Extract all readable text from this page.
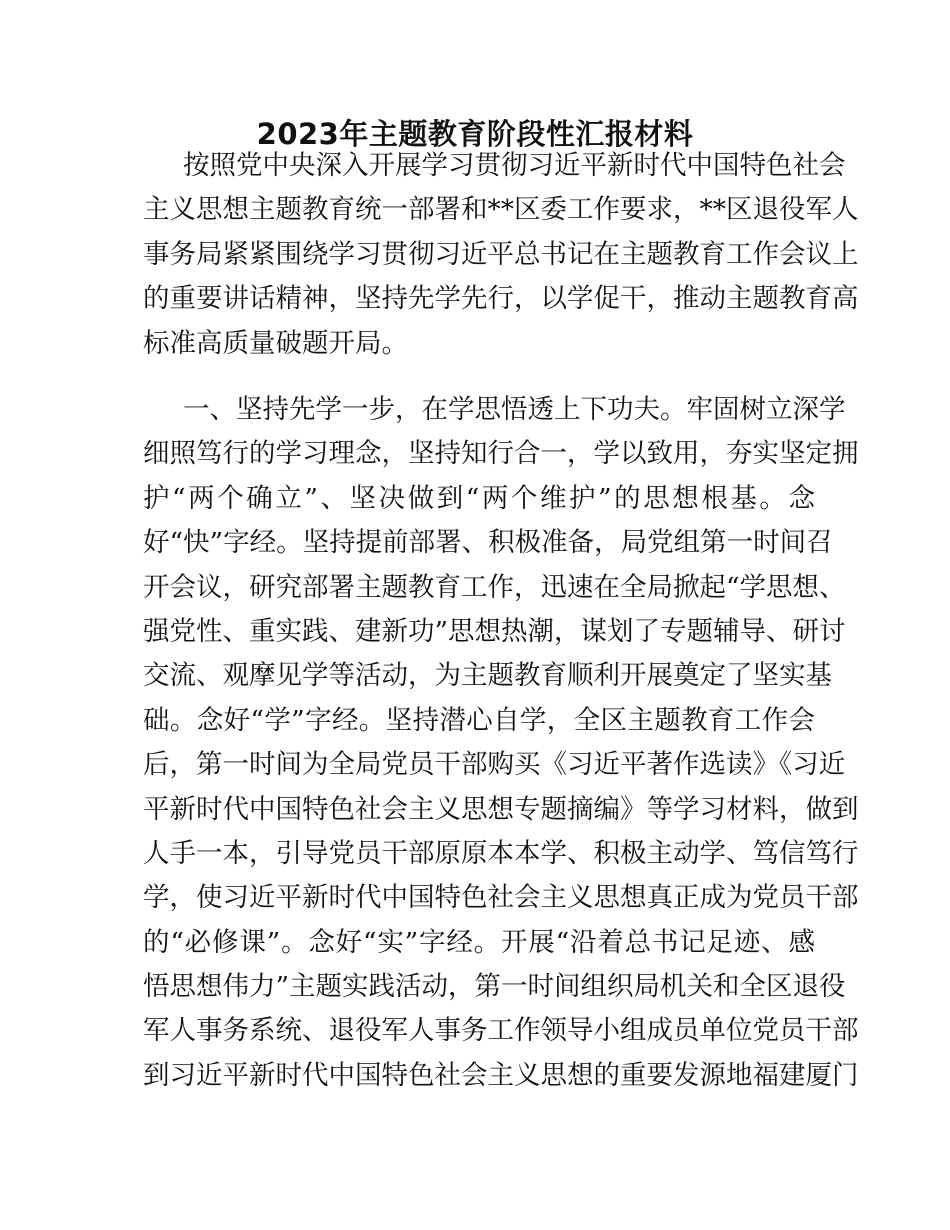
2023年主题教育阶段性汇报材料
按照党中央深入开展学习贯彻习近平新时代中国特色社会
主义思想主题教育统一部署和**区委工作要求，**区退役军人
事务局紧紧围绕学习贯彻习近平总书记在主题教育工作会议上
的重要讲话精神，坚持先学先行，以学促干，推动主题教育高
标准高质量破题开局。
一、坚持先学一步，在学思悟透上下功夫。牢固树立深学
细照笃行的学习理念，坚持知行合一，学以致用，夯实坚定拥
护“两个确立”、坚决做到“两个维护”的思想根基。念
好“快”字经。坚持提前部署、积极准备，局党组第一时间召
开会议，研究部署主题教育工作，迅速在全局掀起“学思想、
强党性、重实践、建新功”思想热潮，谋划了专题辅导、研讨
交流、观摩见学等活动，为主题教育顺利开展奠定了坚实基
础。念好“学”字经。坚持潜心自学，全区主题教育工作会
后，第一时间为全局党员干部购买《习近平著作选读》《习近
平新时代中国特色社会主义思想专题摘编》等学习材料，做到
人手一本，引导党员干部原原本本学、积极主动学、笃信笃行
学，使习近平新时代中国特色社会主义思想真正成为党员干部
的“必修课”。念好“实”字经。开展“沿着总书记足迹、感
悟思想伟力”主题实践活动，第一时间组织局机关和全区退役
军人事务系统、退役军人事务工作领导小组成员单位党员干部
到习近平新时代中国特色社会主义思想的重要发源地福建厦门
